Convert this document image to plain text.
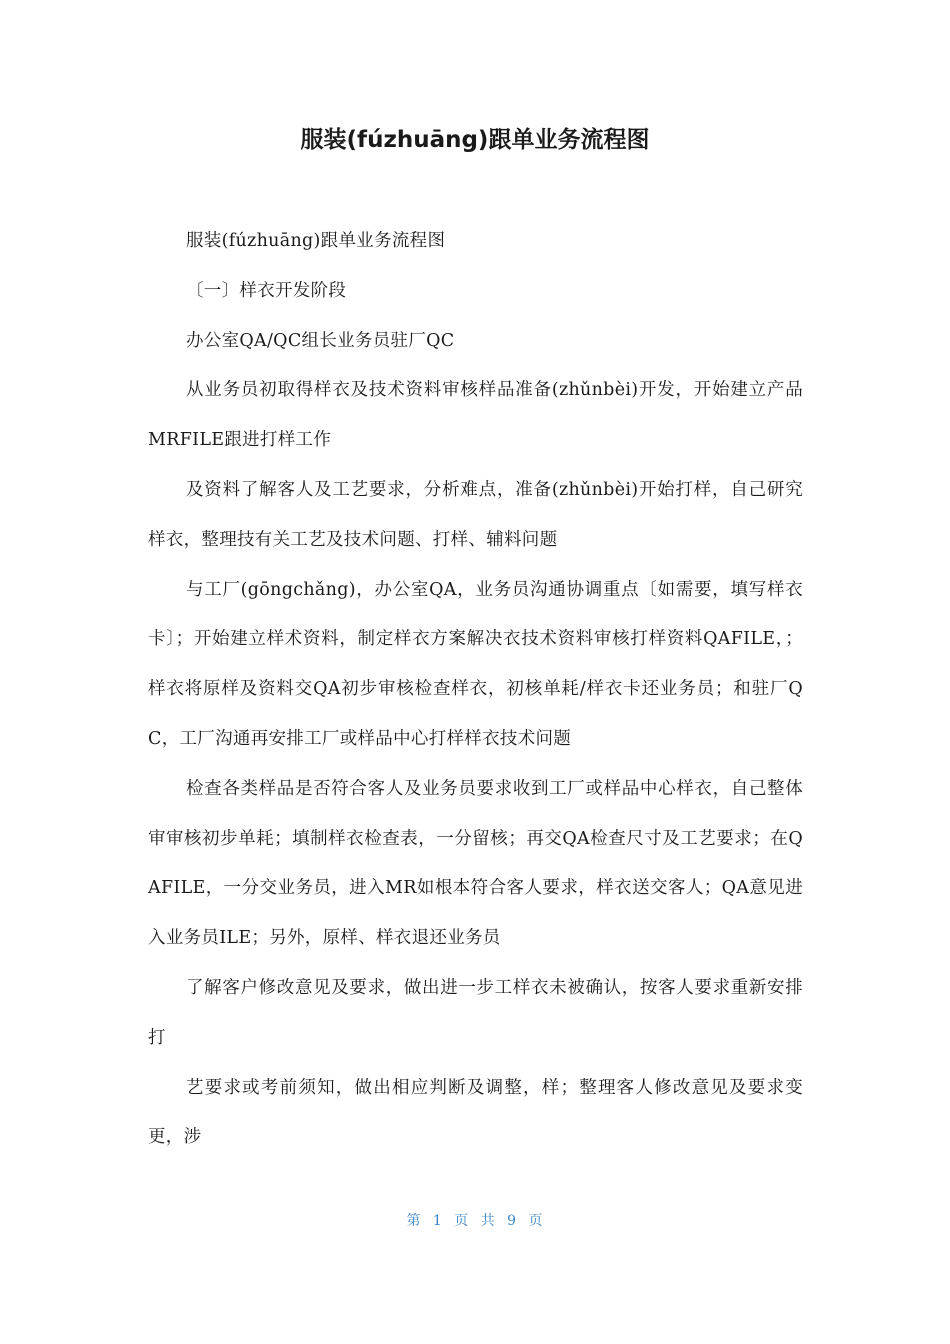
服装(fúzhuāng)跟单业务流程图

服装(fúzhuāng)跟单业务流程图

〔一〕样衣开发阶段

办公室QA/QC组长业务员驻厂QC

从业务员初取得样衣及技术资料审核样品准备(zhǔnbèi)开发，开始建立产品MRFILE跟进打样工作

及资料了解客人及工艺要求，分析难点，准备(zhǔnbèi)开始打样，自己研究样衣，整理技有关工艺及技术问题、打样、辅料问题

与工厂(gōngchǎng)，办公室QA，业务员沟通协调重点〔如需要，填写样衣卡〕；开始建立样术资料，制定样衣方案解决衣技术资料审核打样资料QAFILE，；样衣将原样及资料交QA初步审核检查样衣，初核单耗/样衣卡还业务员；和驻厂QC，工厂沟通再安排工厂或样品中心打样样衣技术问题

检查各类样品是否符合客人及业务员要求收到工厂或样品中心样衣，自己整体审审核初步单耗；填制样衣检查表，一分留核；再交QA检查尺寸及工艺要求；在QAFILE，一分交业务员，进入MR如根本符合客人要求，样衣送交客人；QA意见进入业务员ILE；另外，原样、样衣退还业务员

了解客户修改意见及要求，做出进一步工样衣未被确认，按客人要求重新安排打

艺要求或考前须知，做出相应判断及调整，样；整理客人修改意见及要求变更，涉

第 1 页 共 9 页
